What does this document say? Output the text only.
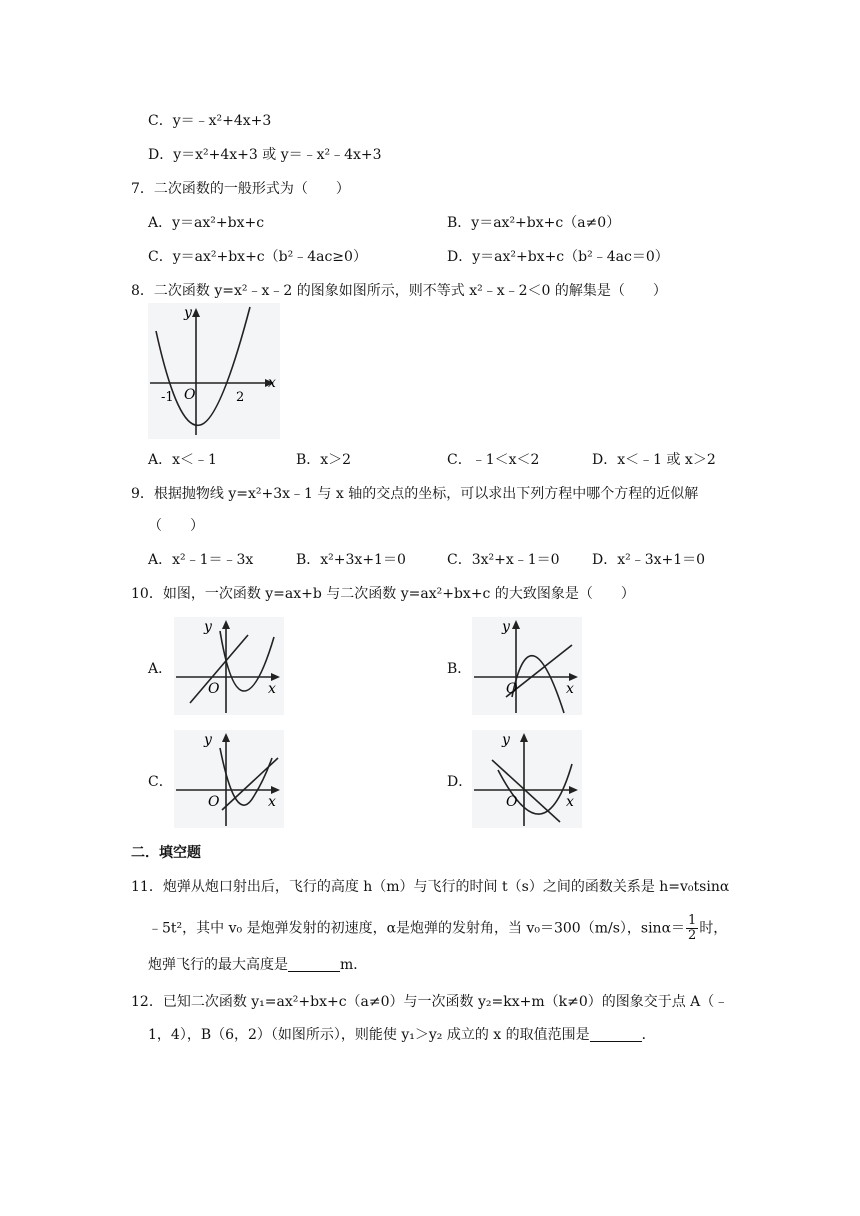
C．y＝﹣x²+4x+3
D．y＝x²+4x+3 或 y＝﹣x²﹣4x+3
7．二次函数的一般形式为（　　）
A．y＝ax²+bx+c	B．y＝ax²+bx+c（a≠0）
C．y＝ax²+bx+c（b²﹣4ac≥0）	D．y＝ax²+bx+c（b²﹣4ac＝0）
8．二次函数 y=x²﹣x﹣2 的图象如图所示，则不等式 x²﹣x﹣2＜0 的解集是（　　）
y
x
O
-1	2
A．x＜﹣1	B．x＞2	C．﹣1＜x＜2	D．x＜﹣1 或 x＞2
9．根据抛物线 y=x²+3x﹣1 与 x 轴的交点的坐标，可以求出下列方程中哪个方程的近似解
（　　）
A．x²﹣1＝﹣3x	B．x²+3x+1＝0	C．3x²+x﹣1＝0 D．x²﹣3x+1＝0
10．如图，一次函数 y=ax+b 与二次函数 y=ax²+bx+c 的大致图象是（　　）
A．
y
x
O
B．
y
x
O
C．
y
x
O
D．
y
x
O
二．填空题
11．炮弹从炮口射出后，飞行的高度 h（m）与飞行的时间 t（s）之间的函数关系是 h=v₀tsinα
﹣5t²，其中 v₀ 是炮弹发射的初速度，α是炮弹的发射角，当 v₀＝300（m/s），$\sin\alpha= \frac{1}{2}$ 时，
炮弹飞行的最大高度是	m．
12．已知二次函数 y₁=ax²+bx+c（a≠0）与一次函数 y₂=kx+m（k≠0）的图象交于点 A（﹣
1，4），B（6，2）（如图所示），则能使 y₁＞y₂ 成立的 x 的取值范围是	．
